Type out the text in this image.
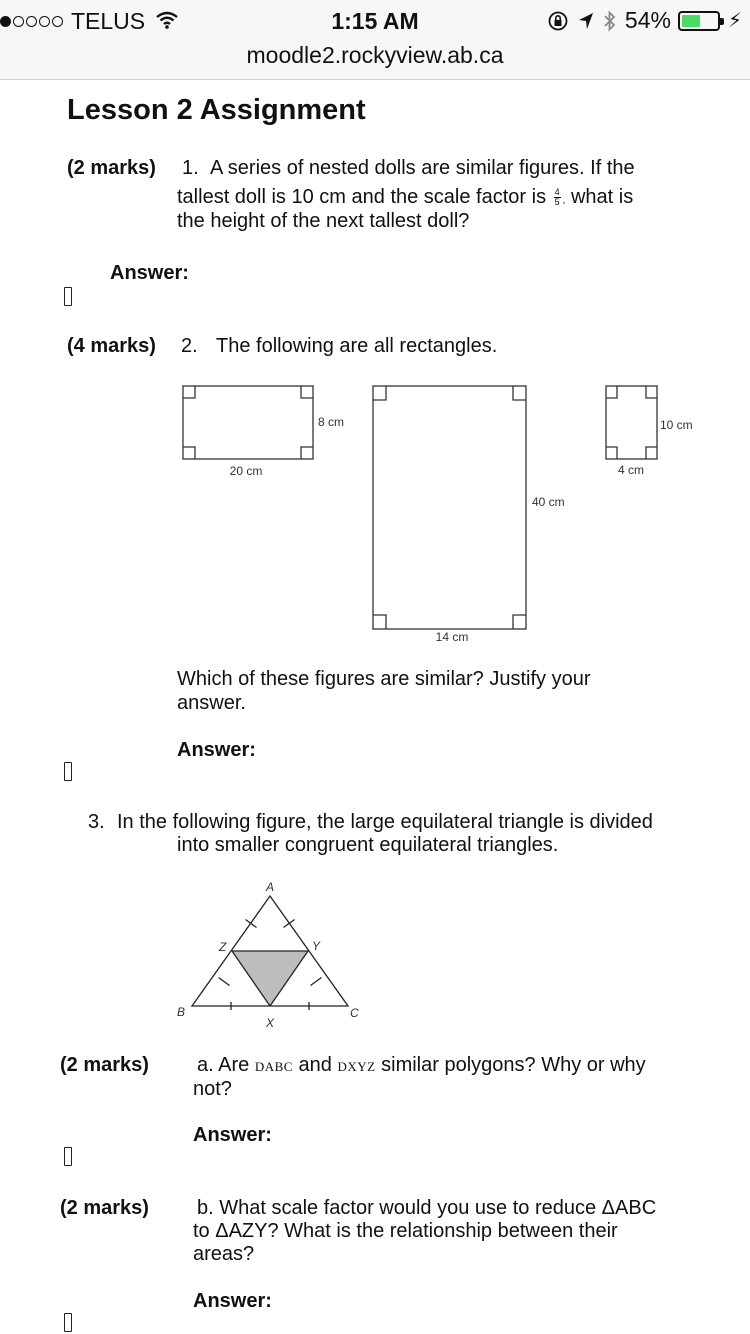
TELUS	1:15 AM	54%	⚡︎
moodle2.rockyview.ab.ca
Lesson 2 Assignment
(2 marks) 1. A series of nested dolls are similar figures. If the
tallest doll is 10 cm and the scale factor is $\frac{4}{5}$ , what is
the height of the next tallest doll?
Answer:
(4 marks) 2. The following are all rectangles.
20 cm
8 cm
14 cm
40 cm
4 cm
10 cm
Which of these figures are similar? Justify your
answer.
Answer:
3. In the following figure, the large equilateral triangle is divided
into smaller congruent equilateral triangles.
A
B	C
X
Y
Z
(2 marks) a. Are DABC and DXYZ similar polygons? Why or why
not?
Answer:
(2 marks) b. What scale factor would you use to reduce ΔABC
to ΔAZY? What is the relationship between their
areas?
Answer:
